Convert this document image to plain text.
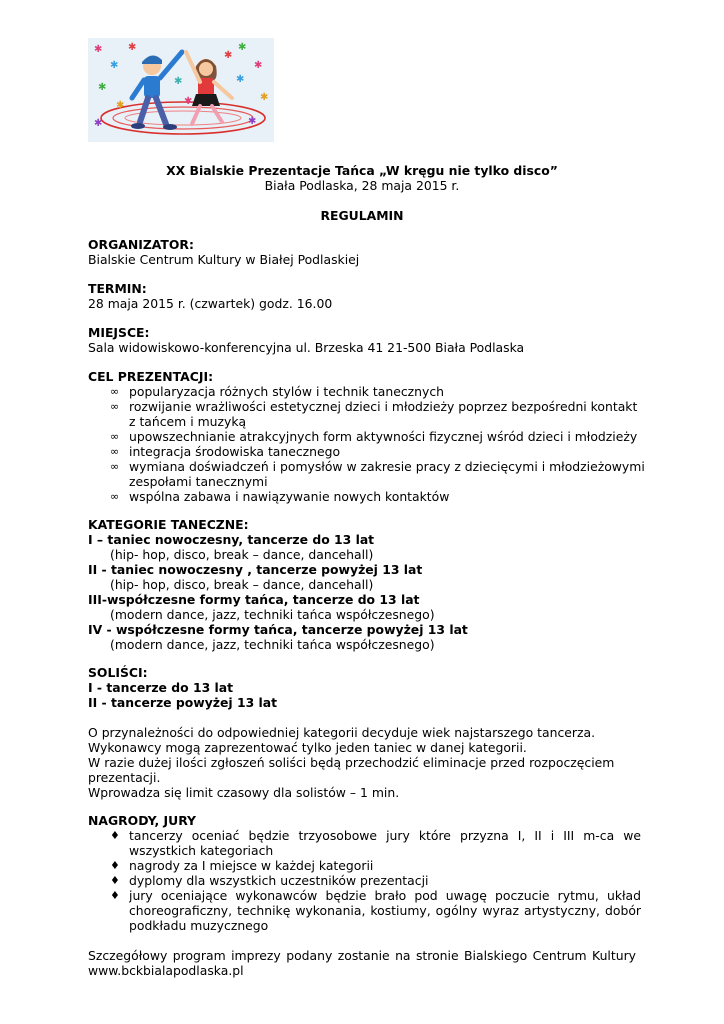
✱
✱
✱
✱
✱
✱	✱
✱
✱
✱
✱
✱
✱
✱
XX Bialskie Prezentacje Tańca „W kręgu nie tylko disco”
Biała Podlaska, 28 maja 2015 r.
REGULAMIN
ORGANIZATOR:
Bialskie Centrum Kultury w Białej Podlaskiej
TERMIN:
28 maja 2015 r. (czwartek) godz. 16.00
MIEJSCE:
Sala widowiskowo-konferencyjna ul. Brzeska 41 21-500 Biała Podlaska
CEL PREZENTACJI:
∞ popularyzacja różnych stylów i technik tanecznych
∞ rozwijanie wrażliwości estetycznej dzieci i młodzieży poprzez bezpośredni kontakt
z tańcem i muzyką
∞ upowszechnianie atrakcyjnych form aktywności fizycznej wśród dzieci i młodzieży
∞ integracja środowiska tanecznego
∞ wymiana doświadczeń i pomysłów w zakresie pracy z dziecięcymi i młodzieżowymi
zespołami tanecznymi
∞ wspólna zabawa i nawiązywanie nowych kontaktów
KATEGORIE TANECZNE:
I – taniec nowoczesny, tancerze do 13 lat
(hip- hop, disco, break – dance, dancehall)
II - taniec nowoczesny , tancerze powyżej 13 lat
(hip- hop, disco, break – dance, dancehall)
III-współczesne formy tańca, tancerze do 13 lat
(modern dance, jazz, techniki tańca współczesnego)
IV - współczesne formy tańca, tancerze powyżej 13 lat
(modern dance, jazz, techniki tańca współczesnego)
SOLIŚCI:
I - tancerze do 13 lat
II - tancerze powyżej 13 lat
O przynależności do odpowiedniej kategorii decyduje wiek najstarszego tancerza.
Wykonawcy mogą zaprezentować tylko jeden taniec w danej kategorii.
W razie dużej ilości zgłoszeń soliści będą przechodzić eliminacje przed rozpoczęciem
prezentacji.
Wprowadza się limit czasowy dla solistów – 1 min.
NAGRODY, JURY
♦ tancerzy oceniać będzie trzyosobowe jury które przyzna I, II i III m-ca we
wszystkich kategoriach
♦ nagrody za I miejsce w każdej kategorii
♦ dyplomy dla wszystkich uczestników prezentacji
♦ jury oceniające wykonawców będzie brało pod uwagę poczucie rytmu, układ
choreograficzny, technikę wykonania, kostiumy, ogólny wyraz artystyczny, dobór
podkładu muzycznego
Szczegółowy program imprezy podany zostanie na stronie Bialskiego Centrum Kultury
www.bckbialapodlaska.pl
